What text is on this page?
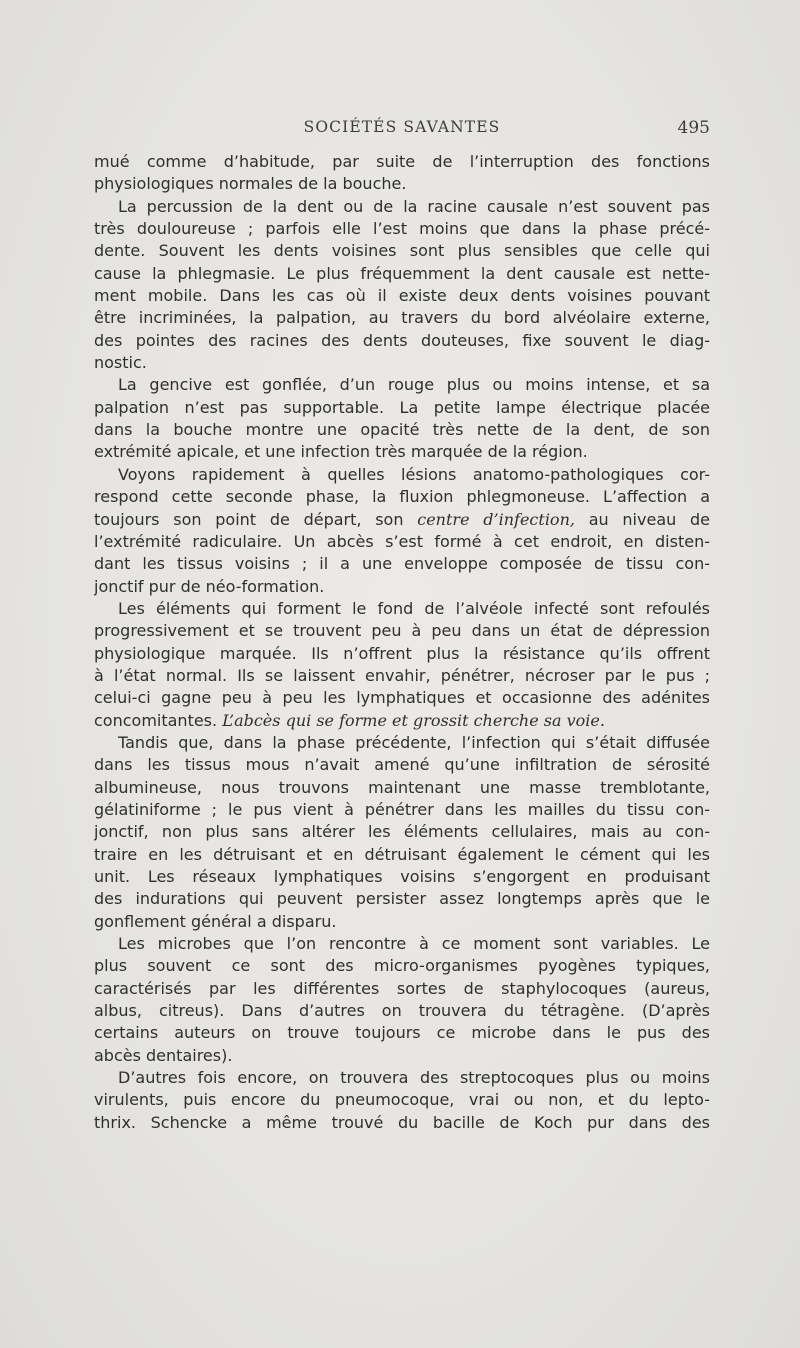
SOCIÉTÉS SAVANTES	495
mué comme d’habitude, par suite de l’interruption des fonctions
physiologiques normales de la bouche.
La percussion de la dent ou de la racine causale n’est souvent pas
très douloureuse ; parfois elle l’est moins que dans la phase précé-
dente. Souvent les dents voisines sont plus sensibles que celle qui
cause la phlegmasie. Le plus fréquemment la dent causale est nette-
ment mobile. Dans les cas où il existe deux dents voisines pouvant
être incriminées, la palpation, au travers du bord alvéolaire externe,
des pointes des racines des dents douteuses, fixe souvent le diag-
nostic.
La gencive est gonflée, d’un rouge plus ou moins intense, et sa
palpation n’est pas supportable. La petite lampe électrique placée
dans la bouche montre une opacité très nette de la dent, de son
extrémité apicale, et une infection très marquée de la région.
Voyons rapidement à quelles lésions anatomo-pathologiques cor-
respond cette seconde phase, la fluxion phlegmoneuse. L’affection a
toujours son point de départ, son centre d’infection, au niveau de
l’extrémité radiculaire. Un abcès s’est formé à cet endroit, en disten-
dant les tissus voisins ; il a une enveloppe composée de tissu con-
jonctif pur de néo-formation.
Les éléments qui forment le fond de l’alvéole infecté sont refoulés
progressivement et se trouvent peu à peu dans un état de dépression
physiologique marquée. Ils n’offrent plus la résistance qu’ils offrent
à l’état normal. Ils se laissent envahir, pénétrer, nécroser par le pus ;
celui-ci gagne peu à peu les lymphatiques et occasionne des adénites
concomitantes. L’abcès qui se forme et grossit cherche sa voie.
Tandis que, dans la phase précédente, l’infection qui s’était diffusée
dans les tissus mous n’avait amené qu’une infiltration de sérosité
albumineuse, nous trouvons maintenant une masse tremblotante,
gélatiniforme ; le pus vient à pénétrer dans les mailles du tissu con-
jonctif, non plus sans altérer les éléments cellulaires, mais au con-
traire en les détruisant et en détruisant également le cément qui les
unit. Les réseaux lymphatiques voisins s’engorgent en produisant
des indurations qui peuvent persister assez longtemps après que le
gonflement général a disparu.
Les microbes que l’on rencontre à ce moment sont variables. Le
plus souvent ce sont des micro-organismes pyogènes typiques,
caractérisés par les différentes sortes de staphylocoques (aureus,
albus, citreus). Dans d’autres on trouvera du tétragène. (D’après
certains auteurs on trouve toujours ce microbe dans le pus des
abcès dentaires).
D’autres fois encore, on trouvera des streptocoques plus ou moins
virulents, puis encore du pneumocoque, vrai ou non, et du lepto-
thrix. Schencke a même trouvé du bacille de Koch pur dans des
